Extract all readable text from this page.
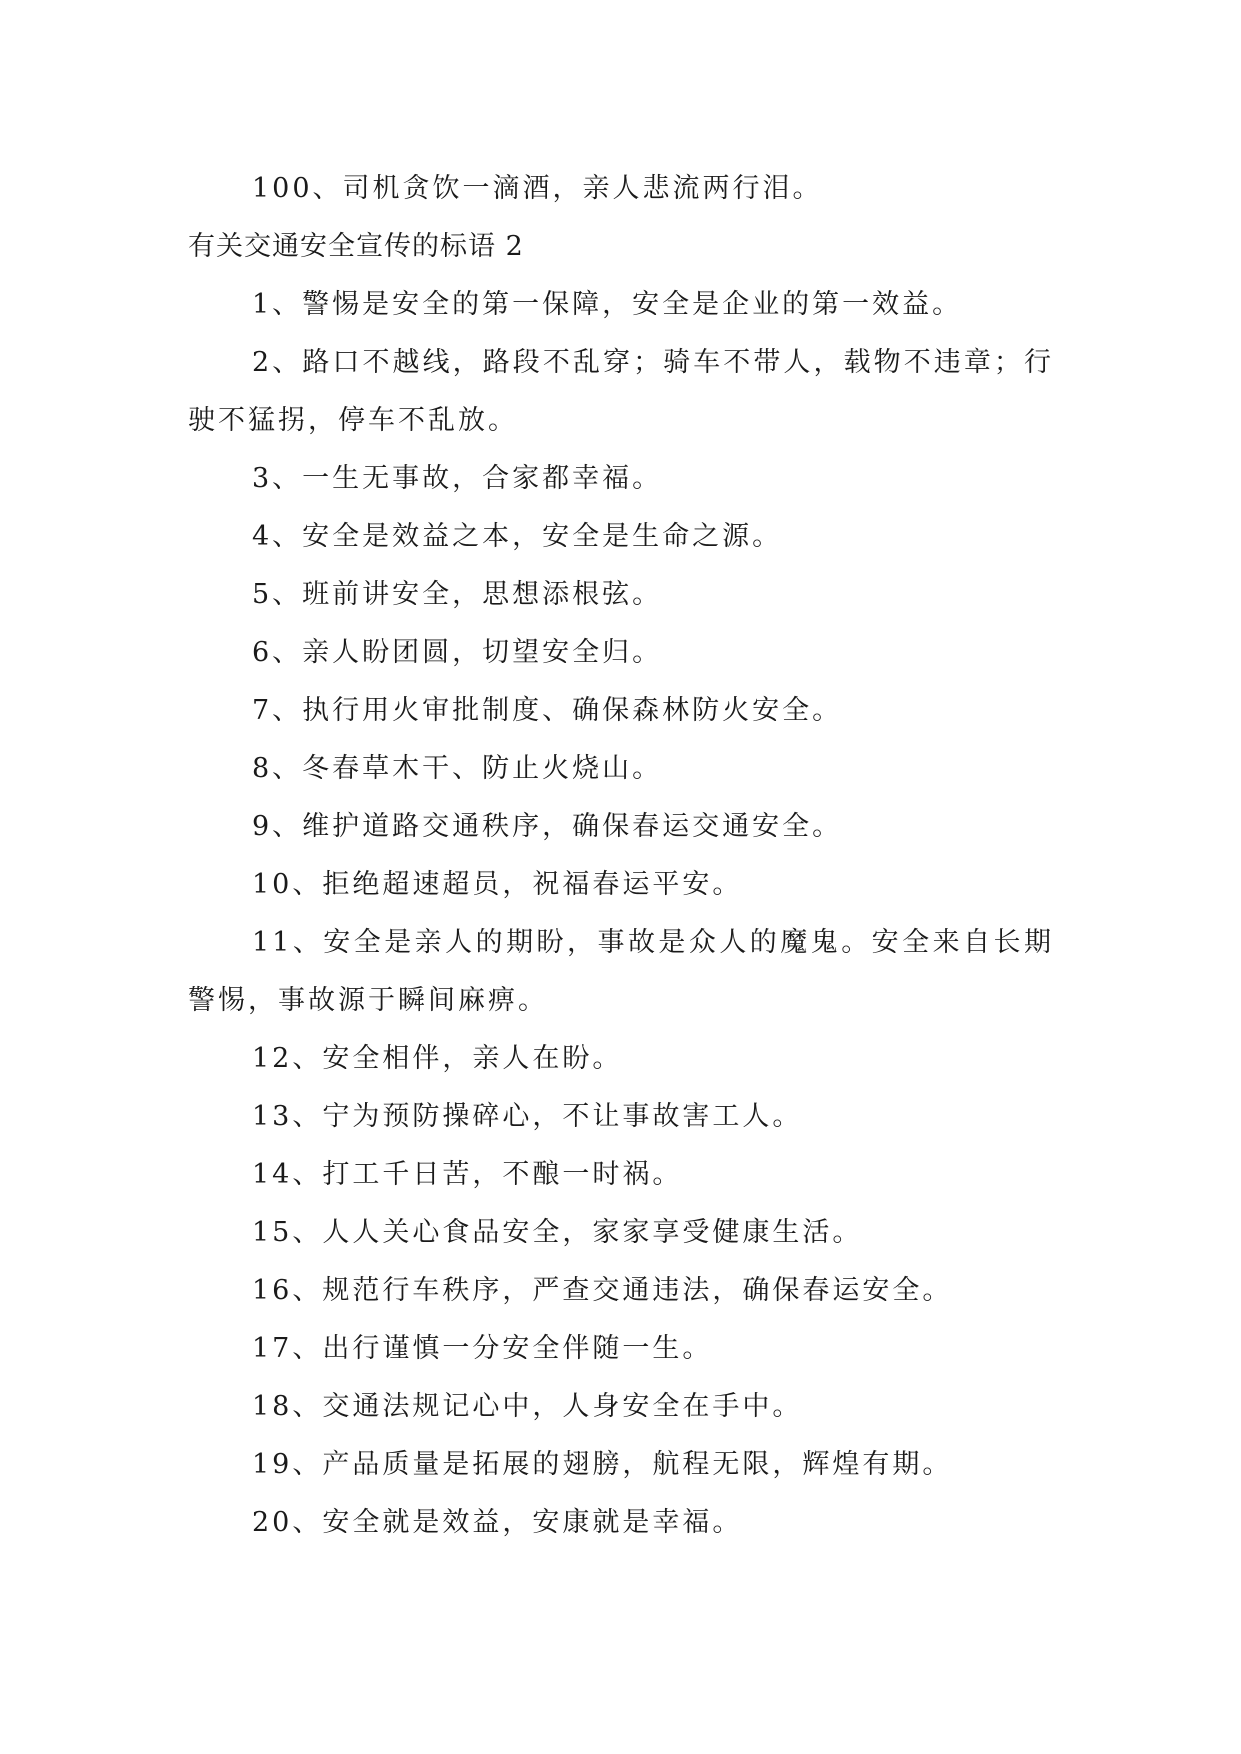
100、司机贪饮一滴酒，亲人悲流两行泪。
有关交通安全宣传的标语 2
1、警惕是安全的第一保障，安全是企业的第一效益。
2、路口不越线，路段不乱穿；骑车不带人，载物不违章；行驶不猛拐，停车不乱放。
3、一生无事故，合家都幸福。
4、安全是效益之本，安全是生命之源。
5、班前讲安全，思想添根弦。
6、亲人盼团圆，切望安全归。
7、执行用火审批制度、确保森林防火安全。
8、冬春草木干、防止火烧山。
9、维护道路交通秩序，确保春运交通安全。
10、拒绝超速超员，祝福春运平安。
11、安全是亲人的期盼，事故是众人的魔鬼。安全来自长期警惕，事故源于瞬间麻痹。
12、安全相伴，亲人在盼。
13、宁为预防操碎心，不让事故害工人。
14、打工千日苦，不酿一时祸。
15、人人关心食品安全，家家享受健康生活。
16、规范行车秩序，严查交通违法，确保春运安全。
17、出行谨慎一分安全伴随一生。
18、交通法规记心中，人身安全在手中。
19、产品质量是拓展的翅膀，航程无限，辉煌有期。
20、安全就是效益，安康就是幸福。
